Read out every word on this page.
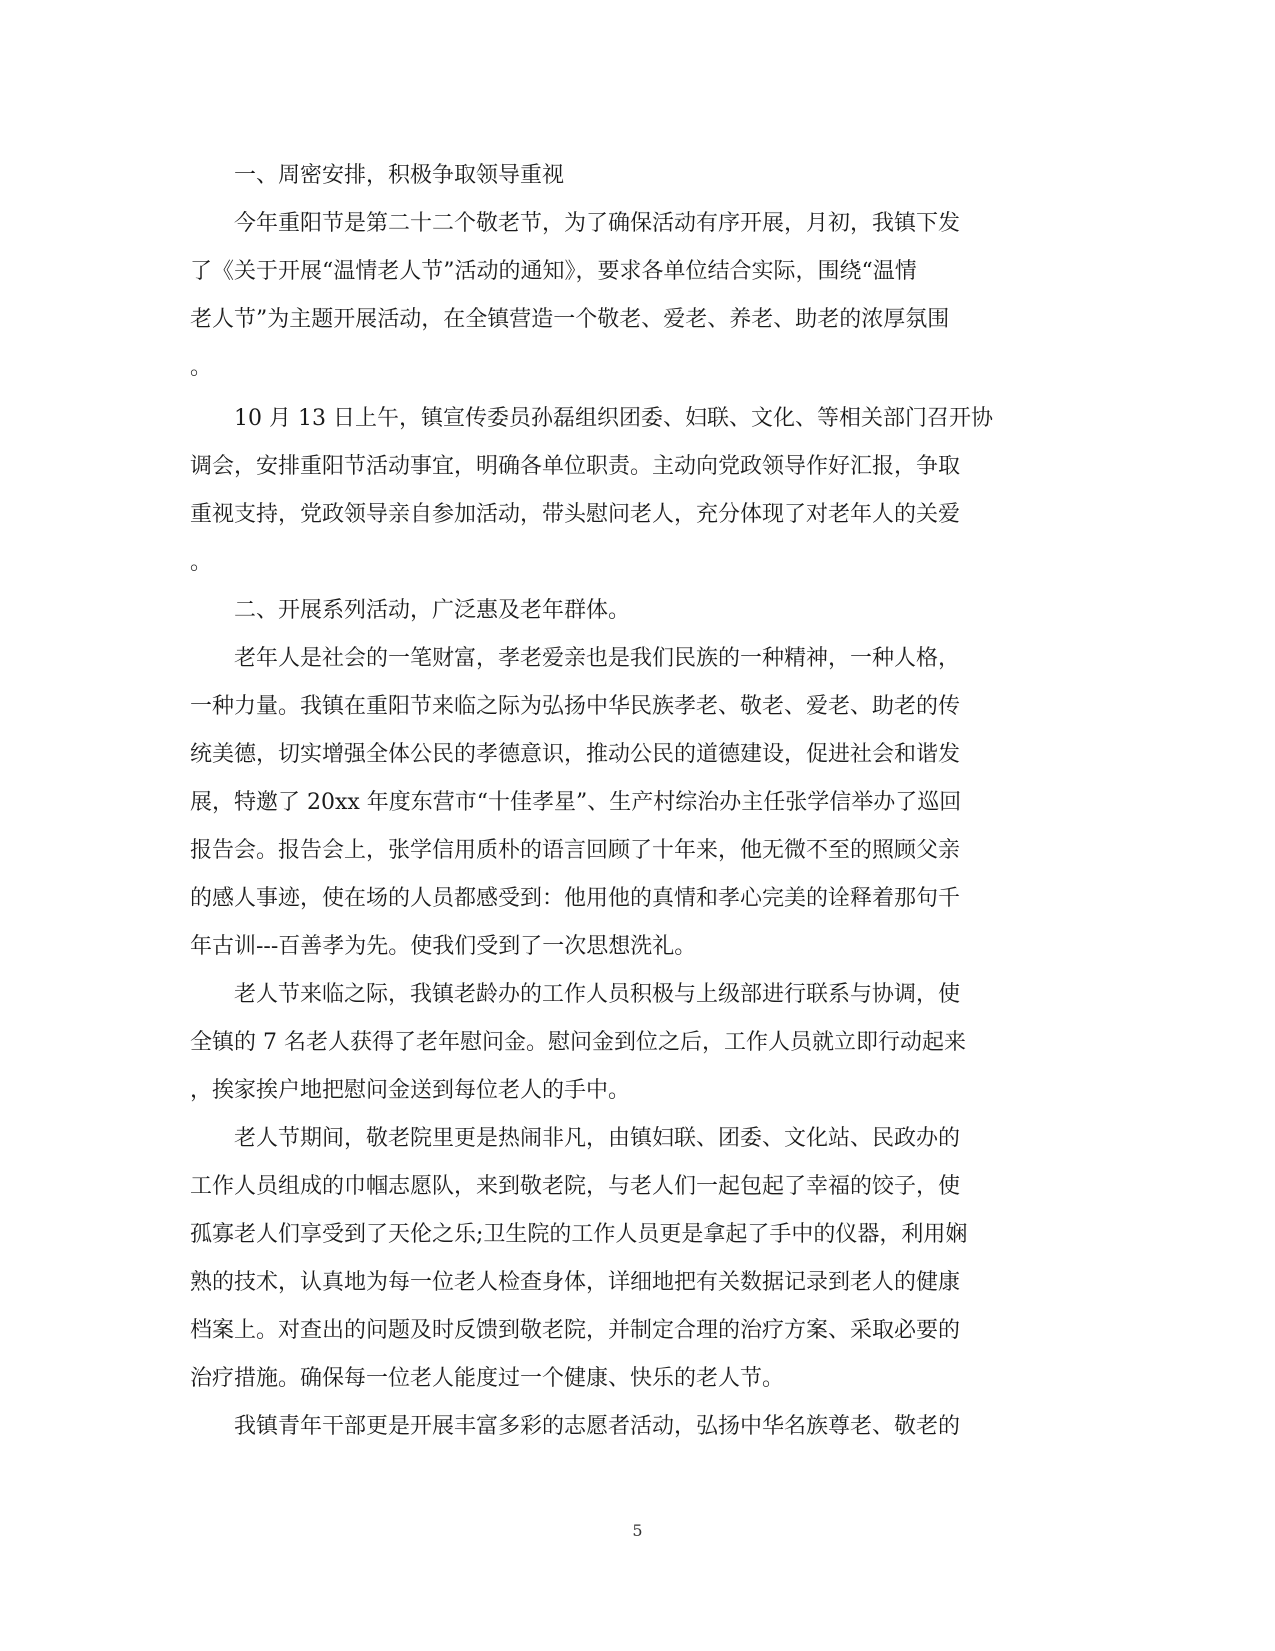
一、周密安排，积极争取领导重视
今年重阳节是第二十二个敬老节，为了确保活动有序开展，月初，我镇下发
了《关于开展“温情老人节”活动的通知》，要求各单位结合实际，围绕“温情
老人节”为主题开展活动，在全镇营造一个敬老、爱老、养老、助老的浓厚氛围
。
10 月 13 日上午，镇宣传委员孙磊组织团委、妇联、文化、等相关部门召开协
调会，安排重阳节活动事宜，明确各单位职责。主动向党政领导作好汇报，争取
重视支持，党政领导亲自参加活动，带头慰问老人，充分体现了对老年人的关爱
。
二、开展系列活动，广泛惠及老年群体。
老年人是社会的一笔财富，孝老爱亲也是我们民族的一种精神，一种人格，
一种力量。我镇在重阳节来临之际为弘扬中华民族孝老、敬老、爱老、助老的传
统美德，切实增强全体公民的孝德意识，推动公民的道德建设，促进社会和谐发
展，特邀了 20xx 年度东营市“十佳孝星”、生产村综治办主任张学信举办了巡回
报告会。报告会上，张学信用质朴的语言回顾了十年来，他无微不至的照顾父亲
的感人事迹，使在场的人员都感受到：他用他的真情和孝心完美的诠释着那句千
年古训---百善孝为先。使我们受到了一次思想洗礼。
老人节来临之际，我镇老龄办的工作人员积极与上级部进行联系与协调，使
全镇的 7 名老人获得了老年慰问金。慰问金到位之后，工作人员就立即行动起来
，挨家挨户地把慰问金送到每位老人的手中。
老人节期间，敬老院里更是热闹非凡，由镇妇联、团委、文化站、民政办的
工作人员组成的巾帼志愿队，来到敬老院，与老人们一起包起了幸福的饺子，使
孤寡老人们享受到了天伦之乐;卫生院的工作人员更是拿起了手中的仪器，利用娴
熟的技术，认真地为每一位老人检查身体，详细地把有关数据记录到老人的健康
档案上。对查出的问题及时反馈到敬老院，并制定合理的治疗方案、采取必要的
治疗措施。确保每一位老人能度过一个健康、快乐的老人节。
我镇青年干部更是开展丰富多彩的志愿者活动，弘扬中华名族尊老、敬老的
5
